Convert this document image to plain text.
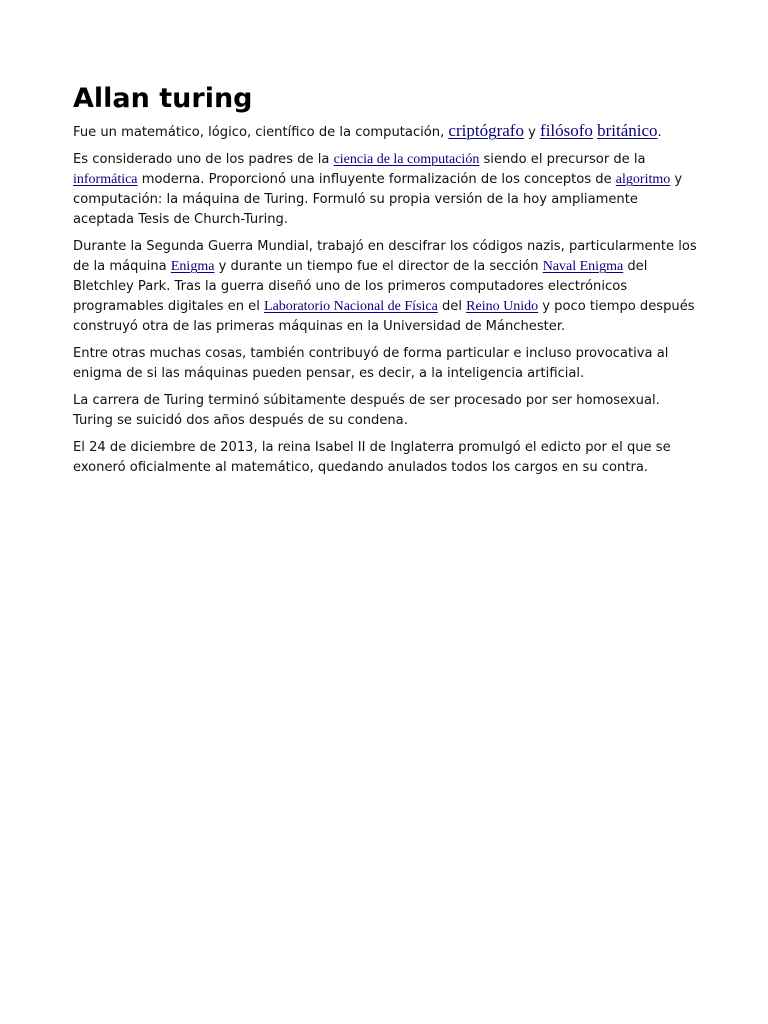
Allan turing

Fue un matemático, lógico, científico de la computación, criptógrafo y filósofo británico.

Es considerado uno de los padres de la ciencia de la computación siendo el precursor de la informática moderna. Proporcionó una influyente formalización de los conceptos de algoritmo y computación: la máquina de Turing. Formuló su propia versión de la hoy ampliamente aceptada Tesis de Church-Turing.

Durante la Segunda Guerra Mundial, trabajó en descifrar los códigos nazis, particularmente los de la máquina Enigma y durante un tiempo fue el director de la sección Naval Enigma del Bletchley Park. Tras la guerra diseñó uno de los primeros computadores electrónicos programables digitales en el Laboratorio Nacional de Física del Reino Unido y poco tiempo después construyó otra de las primeras máquinas en la Universidad de Mánchester.

Entre otras muchas cosas, también contribuyó de forma particular e incluso provocativa al enigma de si las máquinas pueden pensar, es decir, a la inteligencia artificial.

La carrera de Turing terminó súbitamente después de ser procesado por ser homosexual. Turing se suicidó dos años después de su condena.

El 24 de diciembre de 2013, la reina Isabel II de Inglaterra promulgó el edicto por el que se exoneró oficialmente al matemático, quedando anulados todos los cargos en su contra.
